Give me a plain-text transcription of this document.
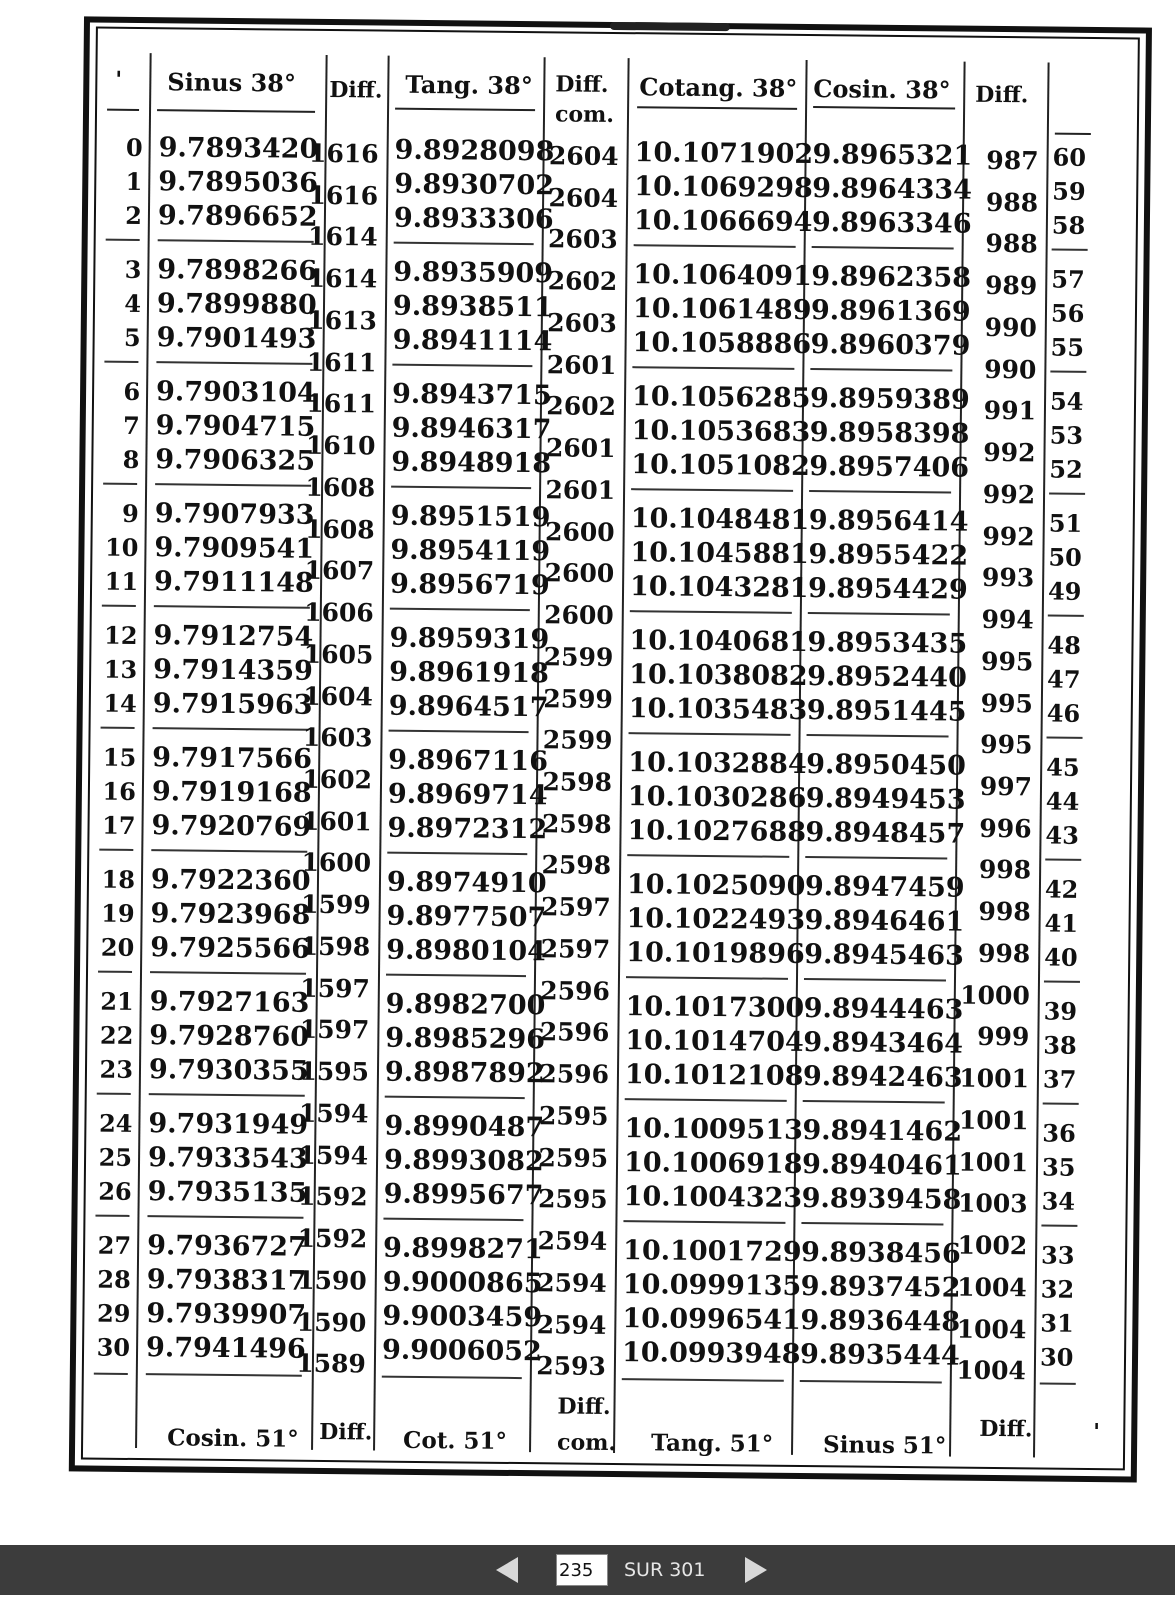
' Sinus 38° Diff. Tang. 38° Diff.
com.
Cotang. 38° Cosin. 38° Diff.
0
1
2
9.7893420
9.7895036
9.7896652
9.8928098
9.8930702
9.8933306
10.1071902
10.1069298
10.1066694
9.8965321
9.8964334
9.8963346
60
59
58
3
4
5
9.7898266
9.7899880
9.7901493
9.8935909
9.8938511
9.8941114
10.1064091
10.1061489
10.1058886
9.8962358
9.8961369
9.8960379
57
56
55
6
7
8
9.7903104
9.7904715
9.7906325
9.8943715
9.8946317
9.8948918
10.1056285
10.1053683
10.1051082
9.8959389
9.8958398
9.8957406
54
53
52
9
10
11
9.7907933
9.7909541
9.7911148
9.8951519
9.8954119
9.8956719
10.1048481
10.1045881
10.1043281
9.8956414
9.8955422
9.8954429
51
50
49
12
13
14
9.7912754
9.7914359
9.7915963
9.8959319
9.8961918
9.8964517
10.1040681
10.1038082
10.1035483
9.8953435
9.8952440
9.8951445
48
47
46
15
16
17
9.7917566
9.7919168
9.7920769
9.8967116
9.8969714
9.8972312
10.1032884
10.1030286
10.1027688
9.8950450
9.8949453
9.8948457
45
44
43
18
19
20
9.7922360
9.7923968
9.7925566
9.8974910
9.8977507
9.8980104
10.1025090
10.1022493
10.1019896
9.8947459
9.8946461
9.8945463
42
41
40
21
22
23
9.7927163
9.7928760
9.7930355
9.8982700
9.8985296
9.8987892
10.1017300
10.1014704
10.1012108
9.8944463
9.8943464
9.8942463
39
38
37
24
25
26
9.7931949
9.7933543
9.7935135
9.8990487
9.8993082
9.8995677
10.1009513
10.1006918
10.1004323
9.8941462
9.8940461
9.8939458
36
35
34
27
28
29
30
9.7936727
9.7938317
9.7939907
9.7941496
9.8998271
9.9000865
9.9003459
9.9006052
10.1001729
10.0999135
10.0996541
10.0993948
9.8938456
9.8937452
9.8936448
9.8935444
33
32
31
30
1616
1616
1614
1614
1613
1611
1611
1610
1608
1608
1607
1606
1605
1604
1603
1602
1601
1600
1599
1598
1597
1597
1595
1594
1594
1592
1592
1590
1590
1589
2604
2604
2603
2602
2603
2601
2602
2601
2601
2600
2600
2600
2599
2599
2599
2598
2598
2598
2597
2597
2596
2596
2596
2595
2595
2595
2594
2594
2594
2593
987
988
988
989
990
990
991
992
992
992
993
994
995
995
995
997
996
998
998
998
1000
999
1001
1001
1001
1003
1002
1004
1004
1004
Cosin. 51° Diff. Cot. 51°
Diff.
com. Tang. 51° Sinus 51°
Diff.	'
235
SUR 301
